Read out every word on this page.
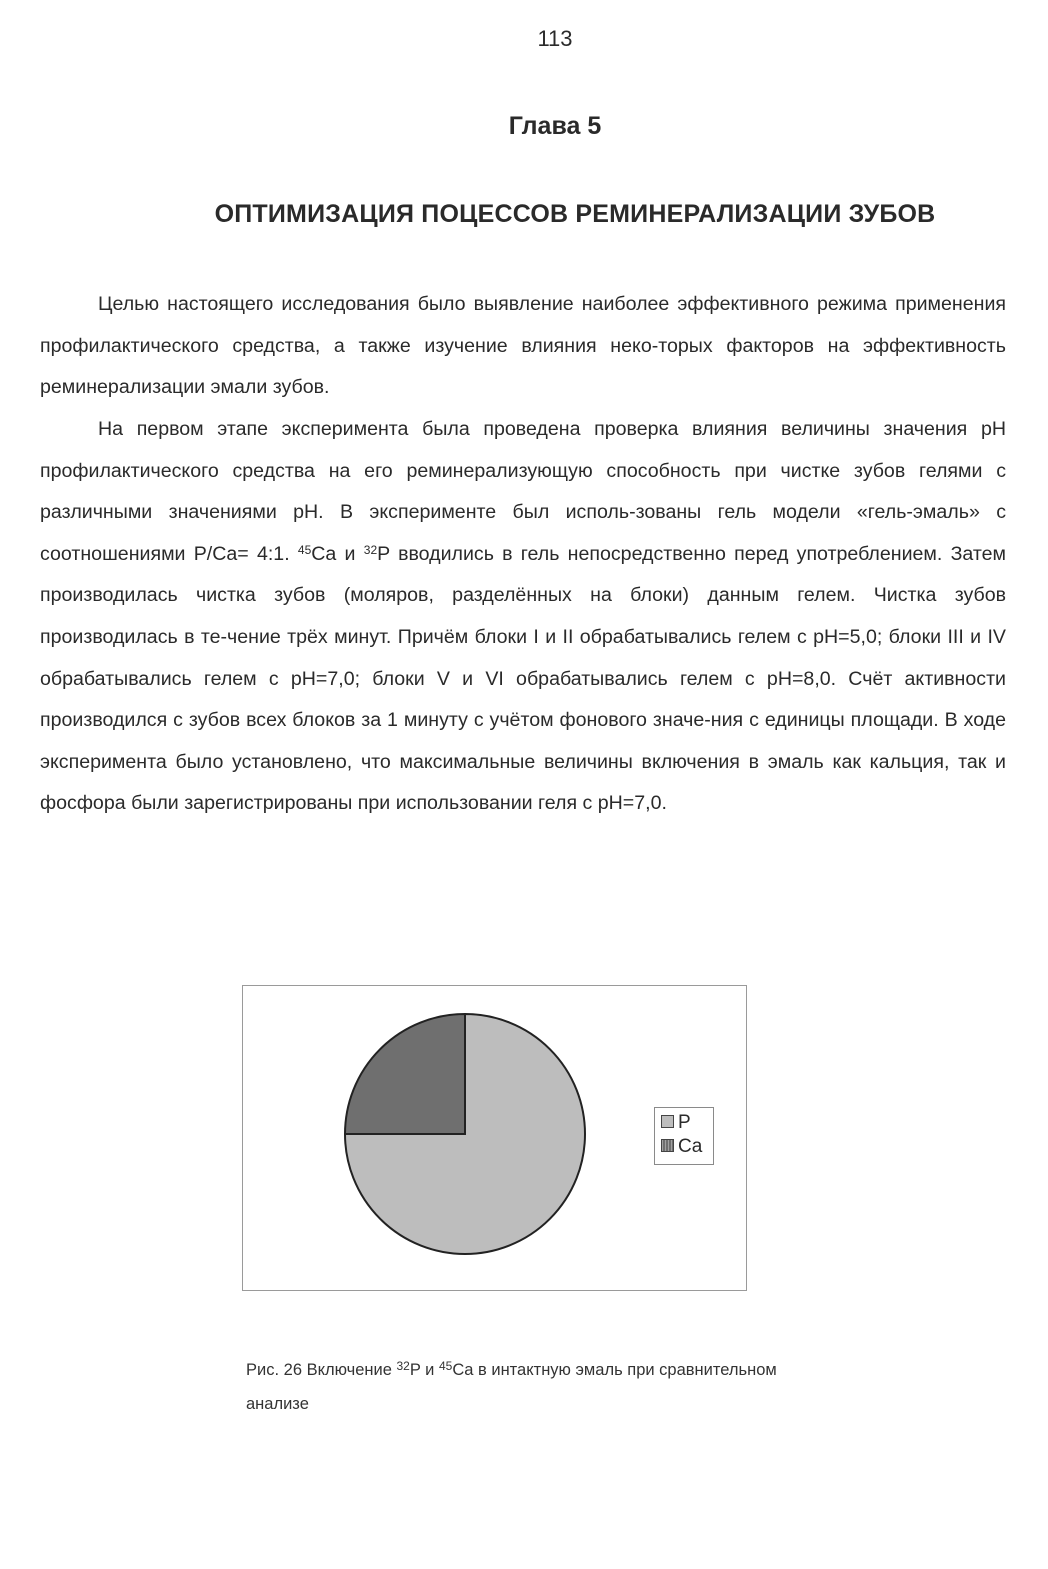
113
Глава 5
ОПТИМИЗАЦИЯ ПОЦЕССОВ РЕМИНЕРАЛИЗАЦИИ ЗУБОВ

Целью настоящего исследования было выявление наиболее эффективного режима применения профилактического средства, а также изучение влияния неко-торых факторов на эффективность реминерализации эмали зубов.

На первом этапе эксперимента была проведена проверка влияния величины значения pH профилактического средства на его реминерализующую способность при чистке зубов гелями с различными значениями pH. В эксперименте был исполь-зованы гель модели «гель-эмаль» с соотношениями P/Ca= 4:1. $^{45}$Ca и $^{32}$P вводились в гель непосредственно перед употреблением. Затем производилась чистка зубов (моляров, разделённых на блоки) данным гелем. Чистка зубов производилась в те-чение трёх минут. Причём блоки I и II обрабатывались гелем с pH=5,0; блоки III и IV обрабатывались гелем с pH=7,0; блоки V и VI обрабатывались гелем с pH=8,0. Счёт активности производился с зубов всех блоков за 1 минуту с учётом фонового значе-ния с единицы площади. В ходе эксперимента было установлено, что максимальные величины включения в эмаль как кальция, так и фосфора были зарегистрированы при использовании геля с pH=7,0.

P
Ca
Рис. 26 Включение $^{32}$P и $^{45}$Ca в интактную эмаль при сравнительном анализе
